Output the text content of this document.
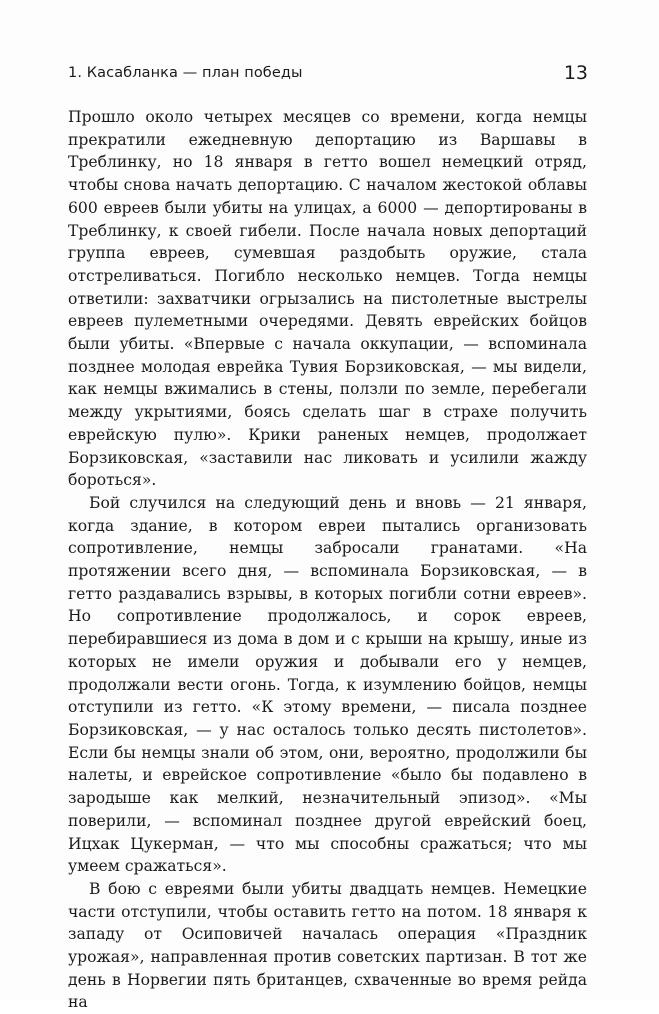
1. Касабланка — план победы	13

Прошло около четырех месяцев со времени, когда немцы прекратили ежедневную депортацию из Варшавы в Треблинку, но 18 января в гетто вошел немецкий отряд, чтобы снова начать депортацию. С началом жестокой облавы 600 евреев были убиты на улицах, а 6000 — депортированы в Треблинку, к своей гибели. После начала новых депортаций группа евреев, сумевшая раздобыть оружие, стала отстреливаться. Погибло несколько немцев. Тогда немцы ответили: захватчики огрызались на пистолетные выстрелы евреев пулеметными очередями. Девять еврейских бойцов были убиты. «Впервые с начала оккупации, — вспоминала позднее молодая еврейка Тувия Борзиковская, — мы видели, как немцы вжимались в стены, ползли по земле, перебегали между укрытиями, боясь сделать шаг в страхе получить еврейскую пулю». Крики раненых немцев, продолжает Борзиковская, «заставили нас ликовать и усилили жажду бороться».

Бой случился на следующий день и вновь — 21 января, когда здание, в котором евреи пытались организовать сопротивление, немцы забросали гранатами. «На протяжении всего дня, — вспоминала Борзиковская, — в гетто раздавались взрывы, в которых погибли сотни евреев». Но сопротивление продолжалось, и сорок евреев, перебиравшиеся из дома в дом и с крыши на крышу, иные из которых не имели оружия и добывали его у немцев, продолжали вести огонь. Тогда, к изумлению бойцов, немцы отступили из гетто. «К этому времени, — писала позднее Борзиковская, — у нас осталось только десять пистолетов». Если бы немцы знали об этом, они, вероятно, продолжили бы налеты, и еврейское сопротивление «было бы подавлено в зародыше как мелкий, незначительный эпизод». «Мы поверили, — вспоминал позднее другой еврейский боец, Ицхак Цукерман, — что мы способны сражаться; что мы умеем сражаться».

В бою с евреями были убиты двадцать немцев. Немецкие части отступили, чтобы оставить гетто на потом. 18 января к западу от Осиповичей началась операция «Праздник урожая», направленная против советских партизан. В тот же день в Норвегии пять британцев, схваченные во время рейда на
